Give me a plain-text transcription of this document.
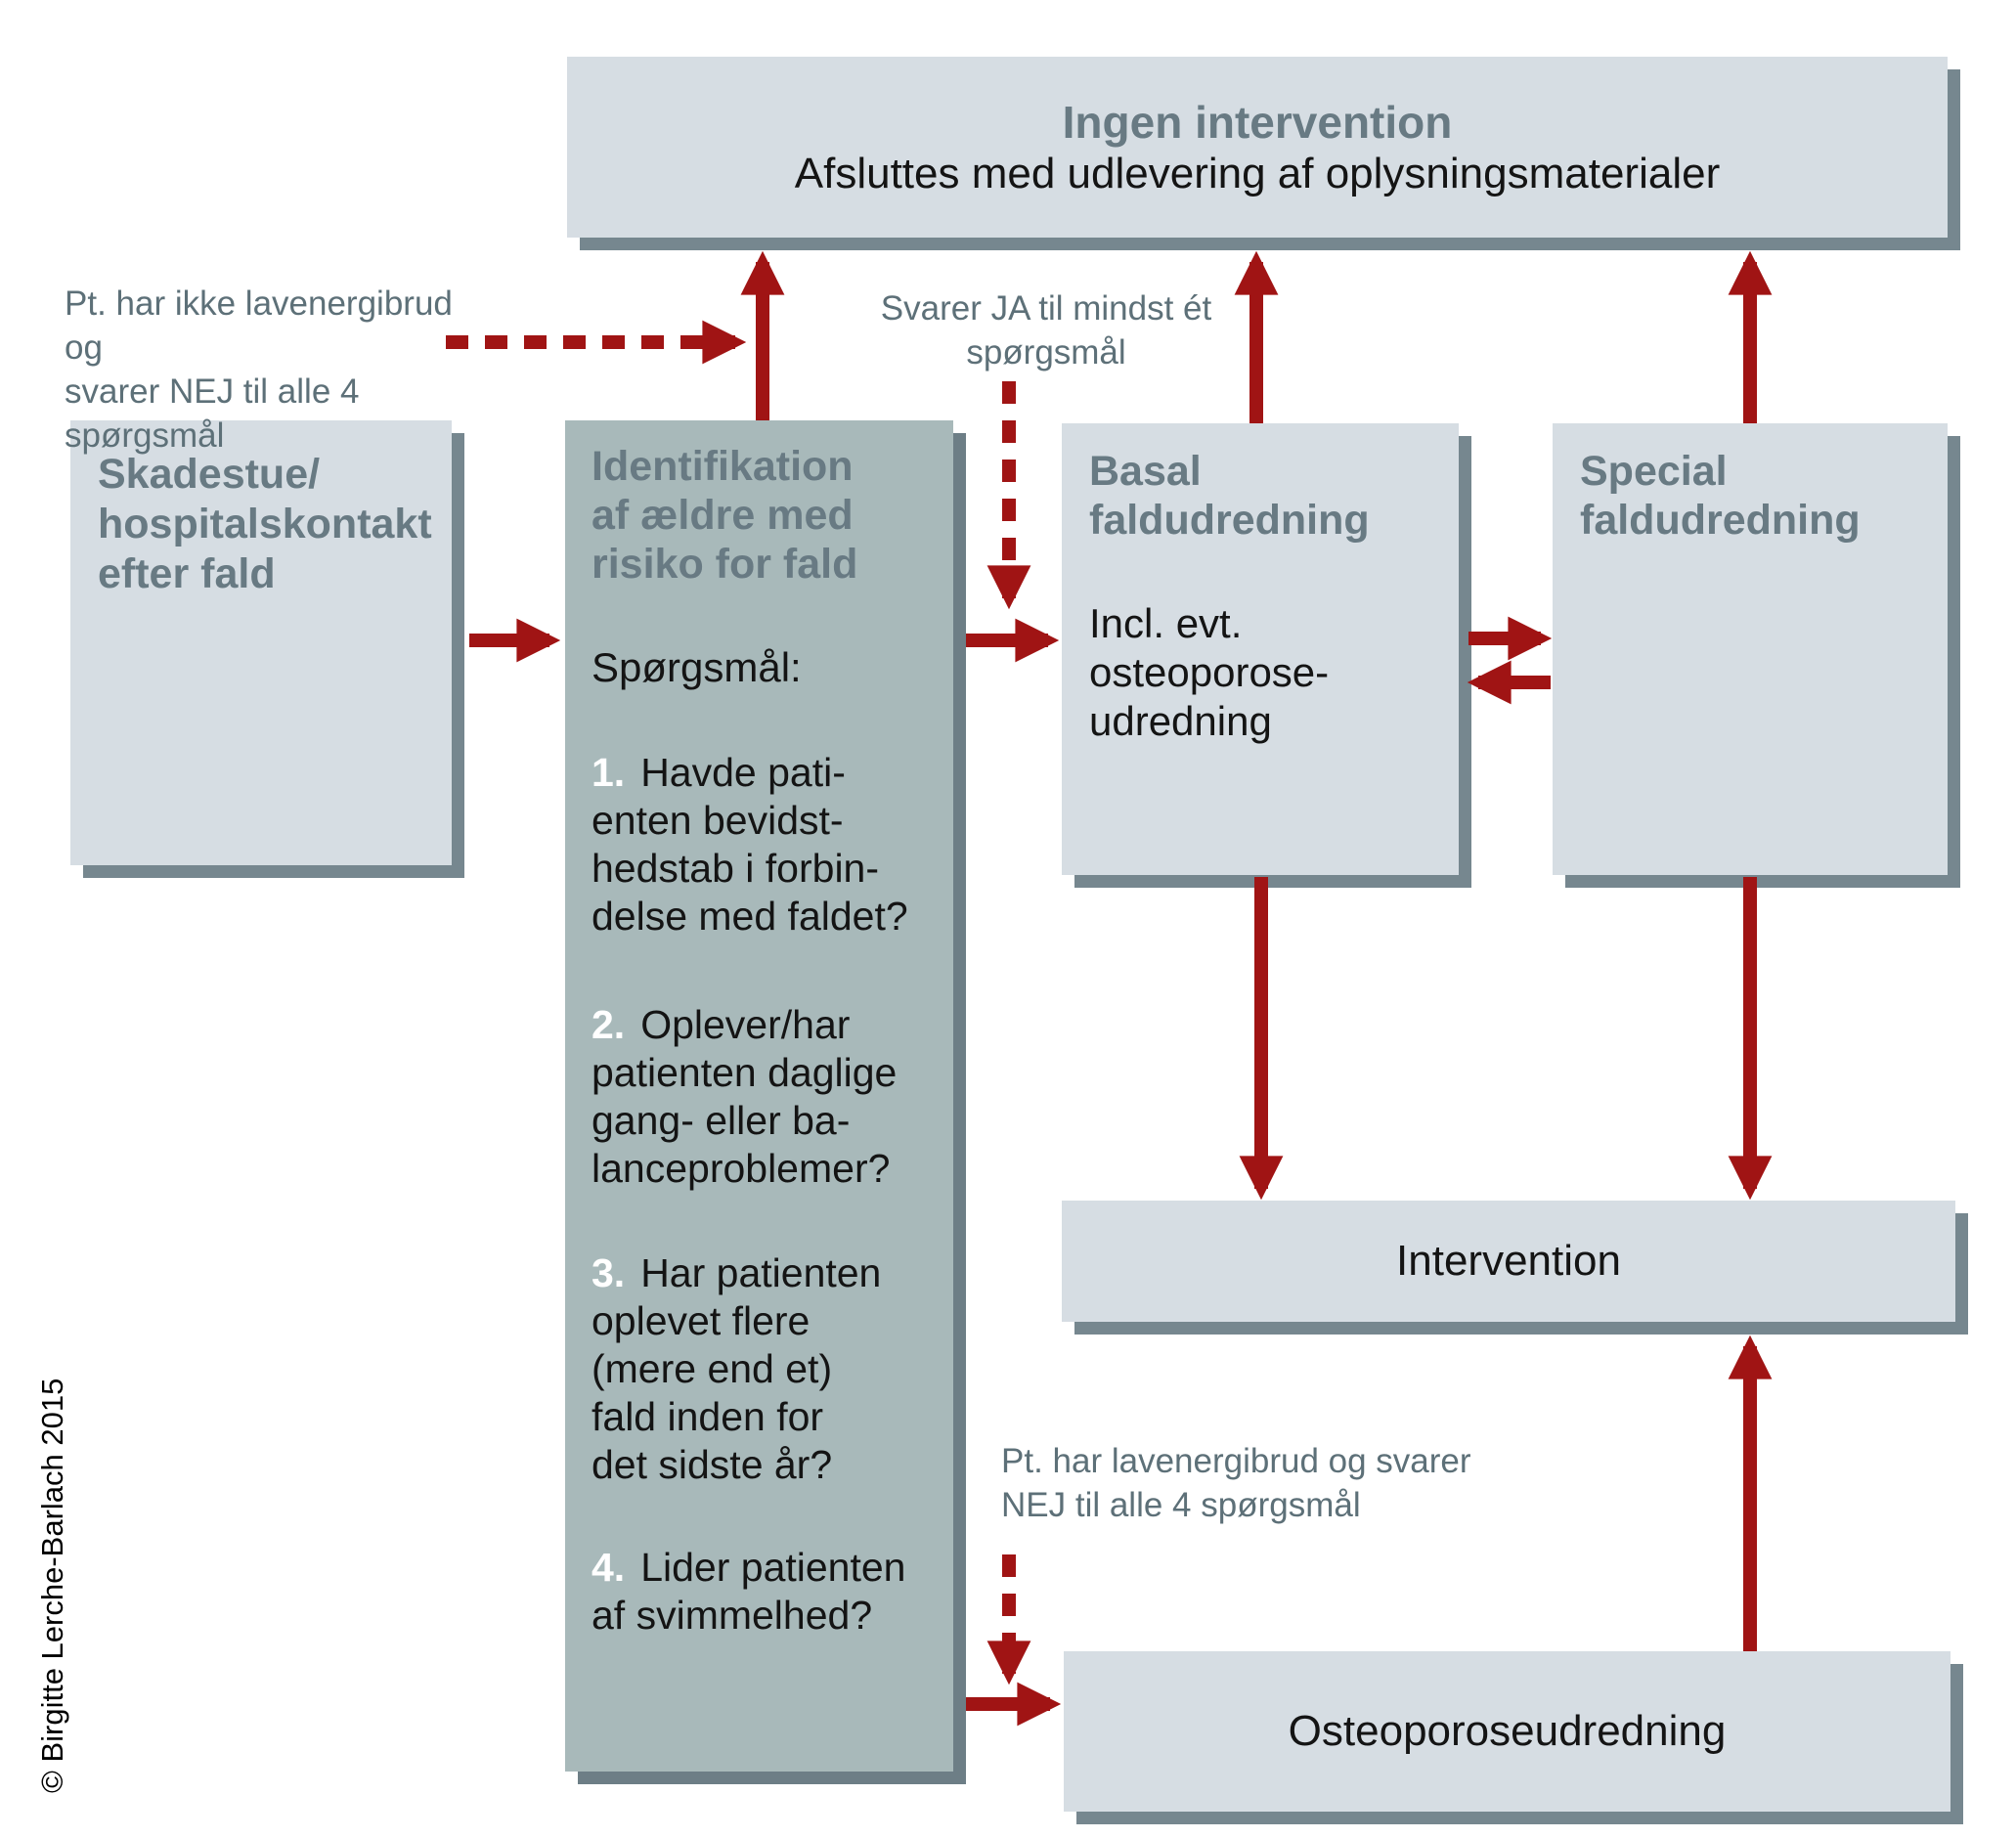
Ingen intervention
Afsluttes med udlevering af oplysningsmaterialer
Skadestue/
hospitalskontakt
efter fald
Identifikation
af ældre med
risiko for fald
Spørgsmål:
1. Havde pati-
enten bevidst-
hedstab i forbin-
delse med faldet?
2. Oplever/har
patienten daglige
gang- eller ba-
lanceproblemer?
3. Har patienten
oplevet flere
(mere end et)
fald inden for
det sidste år?
4. Lider patienten
af svimmelhed?
Basal
faldudredning
Incl. evt.
osteoporose-
udredning
Special
faldudredning
Intervention
Osteoporoseudredning
Pt. har ikke lavenergibrud og
svarer NEJ til alle 4 spørgsmål
Svarer JA til mindst ét
spørgsmål
Pt. har lavenergibrud og svarer
NEJ til alle 4 spørgsmål
© Birgitte Lerche-Barlach 2015
